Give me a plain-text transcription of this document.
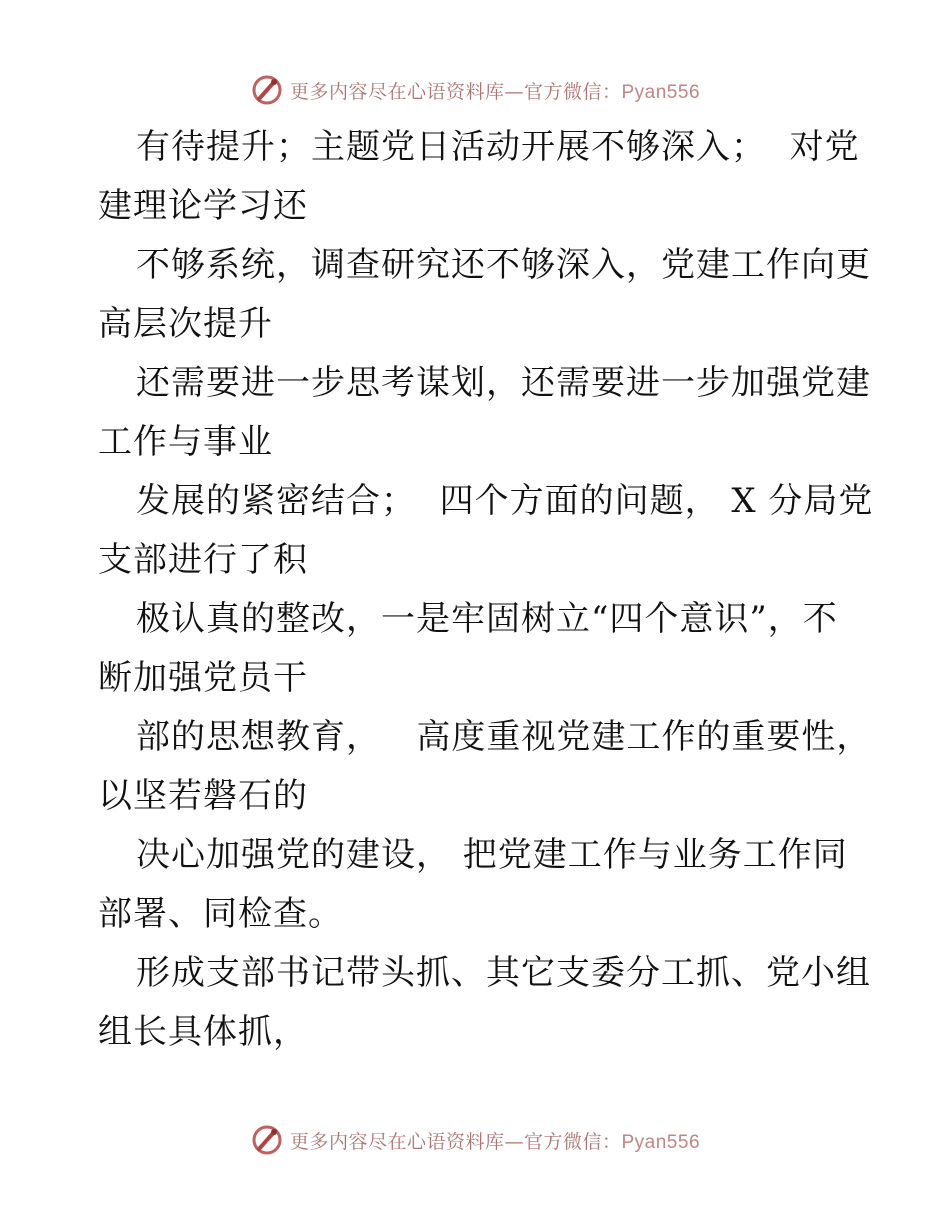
更多内容尽在心语资料库—官方微信：Pyan556
有待提升；主题党日活动开展不够深入；  对党
建理论学习还
不够系统，调查研究还不够深入，党建工作向更
高层次提升
还需要进一步思考谋划，还需要进一步加强党建
工作与事业
发展的紧密结合；  四个方面的问题， X 分局党
支部进行了积
极认真的整改，一是牢固树立“四个意识”，不
断加强党员干
部的思想教育，   高度重视党建工作的重要性，
以坚若磐石的
决心加强党的建设， 把党建工作与业务工作同
部署、同检查。
形成支部书记带头抓、其它支委分工抓、党小组
组长具体抓，
更多内容尽在心语资料库—官方微信：Pyan556
